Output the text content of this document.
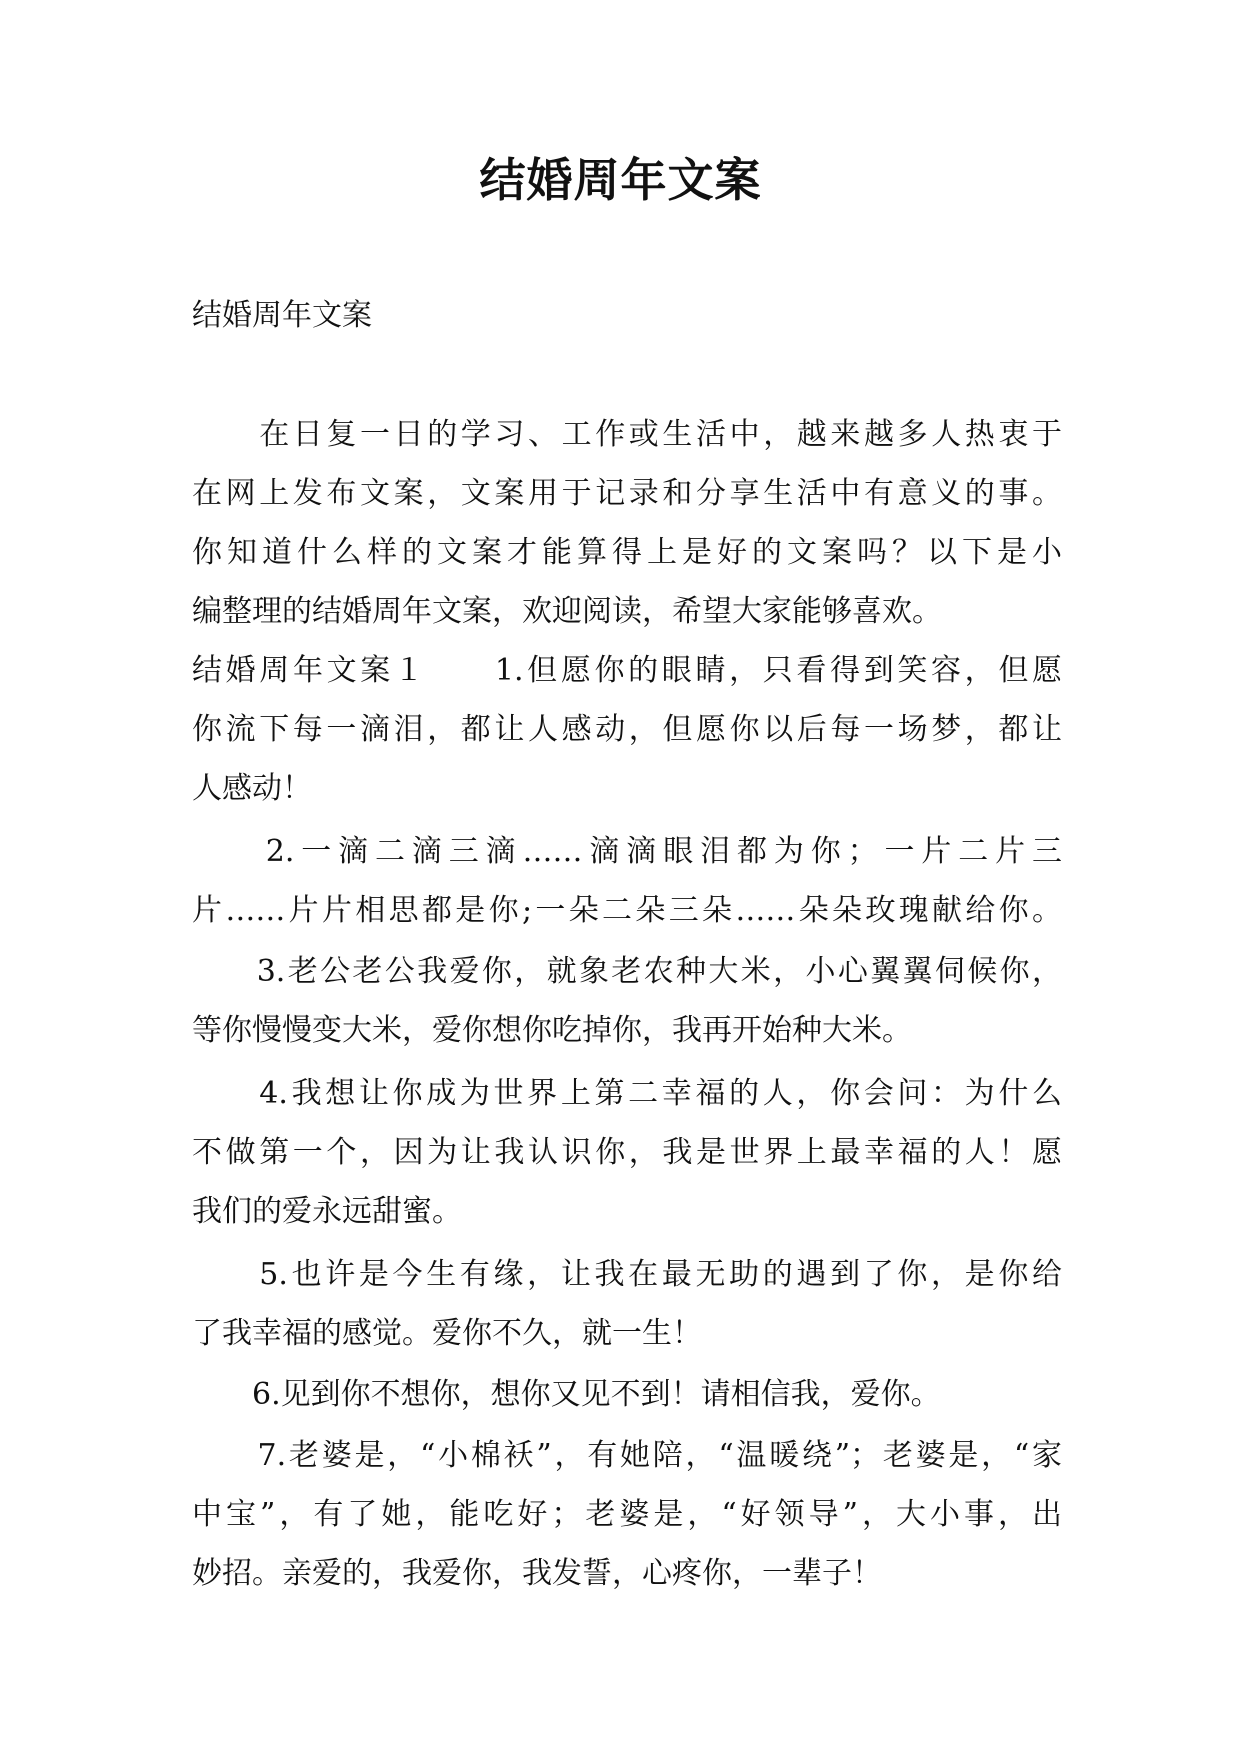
结婚周年文案
结婚周年文案
　　在日复一日的学习、工作或生活中，越来越多人热衷于
在网上发布文案，文案用于记录和分享生活中有意义的事。
你知道什么样的文案才能算得上是好的文案吗？以下是小
编整理的结婚周年文案，欢迎阅读，希望大家能够喜欢。
结婚周年文案１　　1.但愿你的眼睛，只看得到笑容，但愿
你流下每一滴泪，都让人感动，但愿你以后每一场梦，都让
人感动！
　　2.一滴二滴三滴……滴滴眼泪都为你；一片二片三
片……片片相思都是你;一朵二朵三朵……朵朵玫瑰献给你。
　　3.老公老公我爱你，就象老农种大米，小心翼翼伺候你，
等你慢慢变大米，爱你想你吃掉你，我再开始种大米。
　　4.我想让你成为世界上第二幸福的人，你会问：为什么
不做第一个，因为让我认识你，我是世界上最幸福的人！愿
我们的爱永远甜蜜。
　　5.也许是今生有缘，让我在最无助的遇到了你，是你给
了我幸福的感觉。爱你不久，就一生！
　　6.见到你不想你，想你又见不到！请相信我，爱你。
　　7.老婆是，“小棉袄”，有她陪，“温暖绕”；老婆是，“家
中宝”，有了她，能吃好；老婆是，“好领导”，大小事，出
妙招。亲爱的，我爱你，我发誓，心疼你，一辈子！
